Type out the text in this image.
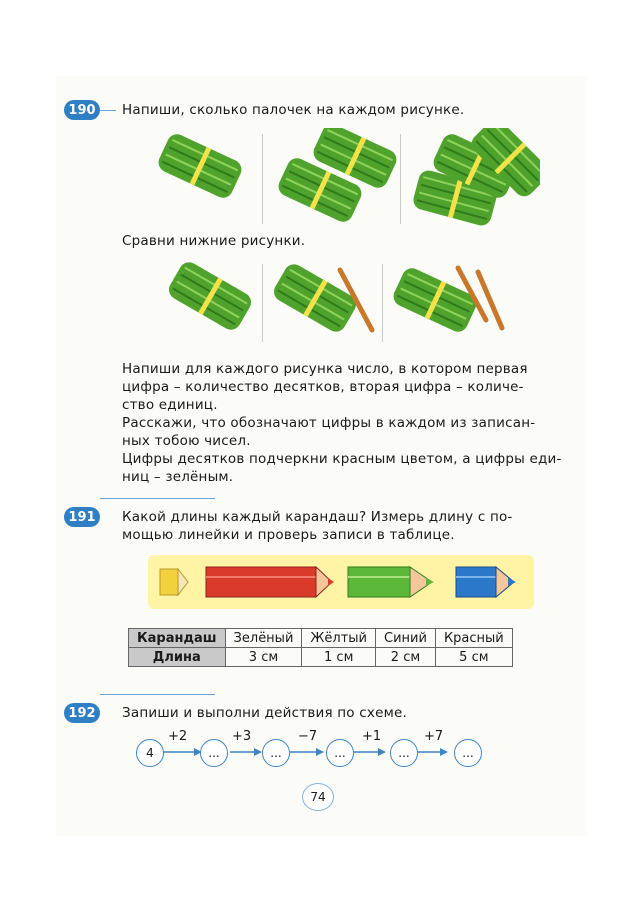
190	Напиши, сколько палочек на каждом рисунке.
Сравни нижние рисунки.
Напиши для каждого рисунка число, в котором первая
цифра – количество десятков, вторая цифра – количе-
ство единиц.
Расскажи, что обозначают цифры в каждом из записан-
ных тобою чисел.
Цифры десятков подчеркни красным цветом, а цифры еди-
ниц – зелёным.
191	Какой длины каждый карандаш? Измерь длину с по-
мощью линейки и проверь записи в таблице.
Карандаш	Зелёный	Жёлтый	Синий	Красный
Длина	3 см	1 см	2 см	5 см
192	Запиши и выполни действия по схеме.
4
+2
...
+3
...
−7
...
+1
...
+7
...
74
